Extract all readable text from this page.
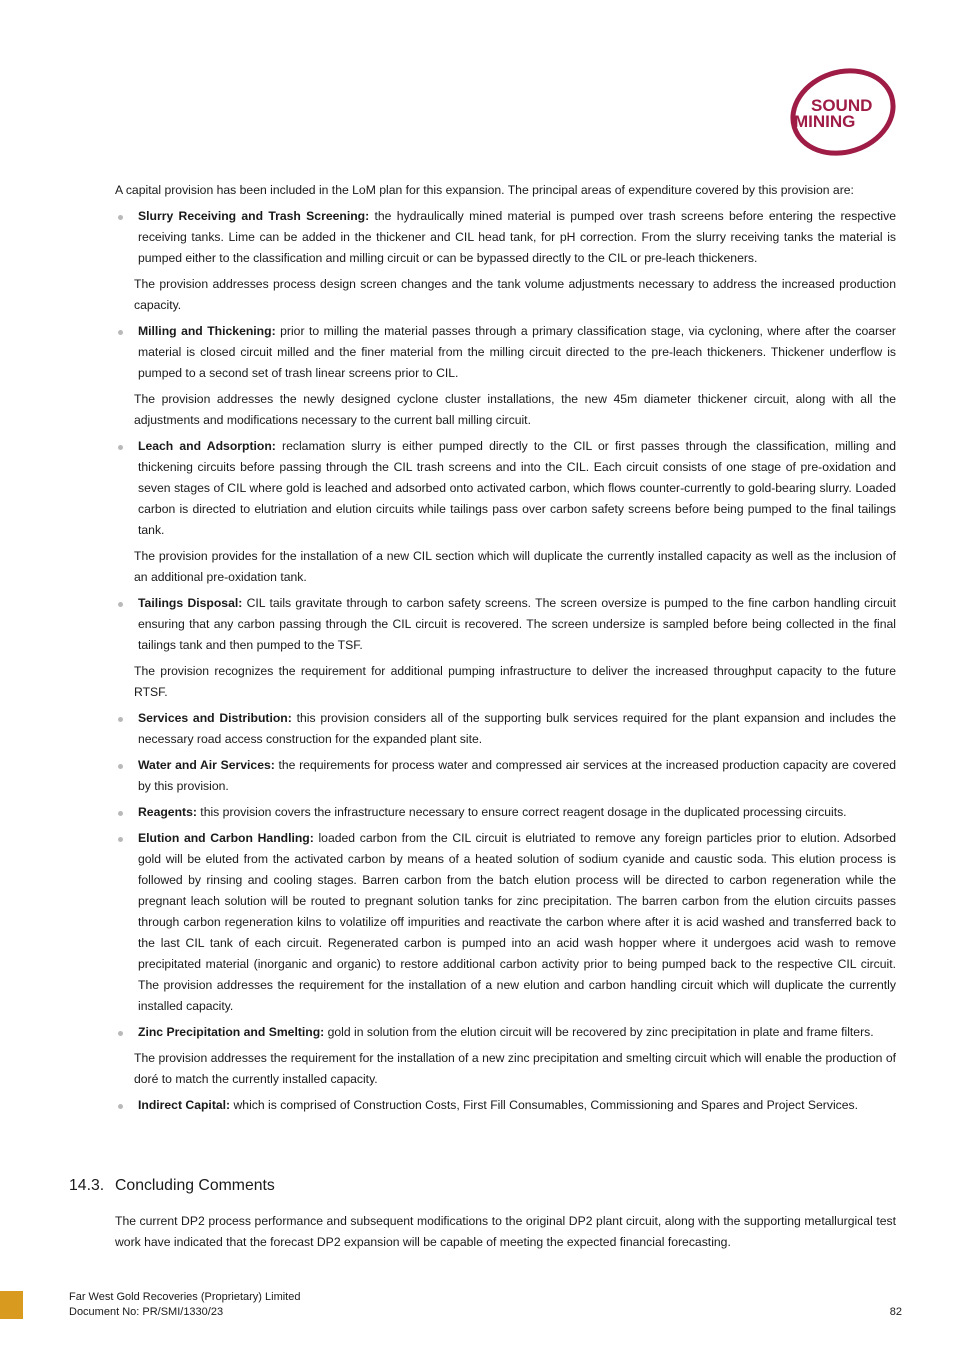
SOUND
MINING

A capital provision has been included in the LoM plan for this expansion. The principal areas of expenditure covered by this provision are:

Slurry Receiving and Trash Screening: the hydraulically mined material is pumped over trash screens before entering the respective receiving tanks. Lime can be added in the thickener and CIL head tank, for pH correction. From the slurry receiving tanks the material is pumped either to the classification and milling circuit or can be bypassed directly to the CIL or pre-leach thickeners.

The provision addresses process design screen changes and the tank volume adjustments necessary to address the increased production capacity.

Milling and Thickening: prior to milling the material passes through a primary classification stage, via cycloning, where after the coarser material is closed circuit milled and the finer material from the milling circuit directed to the pre-leach thickeners. Thickener underflow is pumped to a second set of trash linear screens prior to CIL.

The provision addresses the newly designed cyclone cluster installations, the new 45m diameter thickener circuit, along with all the adjustments and modifications necessary to the current ball milling circuit.

Leach and Adsorption: reclamation slurry is either pumped directly to the CIL or first passes through the classification, milling and thickening circuits before passing through the CIL trash screens and into the CIL. Each circuit consists of one stage of pre-oxidation and seven stages of CIL where gold is leached and adsorbed onto activated carbon, which flows counter-currently to gold-bearing slurry. Loaded carbon is directed to elutriation and elution circuits while tailings pass over carbon safety screens before being pumped to the final tailings tank.

The provision provides for the installation of a new CIL section which will duplicate the currently installed capacity as well as the inclusion of an additional pre-oxidation tank.

Tailings Disposal: CIL tails gravitate through to carbon safety screens. The screen oversize is pumped to the fine carbon handling circuit ensuring that any carbon passing through the CIL circuit is recovered. The screen undersize is sampled before being collected in the final tailings tank and then pumped to the TSF.

The provision recognizes the requirement for additional pumping infrastructure to deliver the increased throughput capacity to the future RTSF.

Services and Distribution: this provision considers all of the supporting bulk services required for the plant expansion and includes the necessary road access construction for the expanded plant site.
Water and Air Services: the requirements for process water and compressed air services at the increased production capacity are covered by this provision.
Reagents: this provision covers the infrastructure necessary to ensure correct reagent dosage in the duplicated processing circuits.
Elution and Carbon Handling: loaded carbon from the CIL circuit is elutriated to remove any foreign particles prior to elution. Adsorbed gold will be eluted from the activated carbon by means of a heated solution of sodium cyanide and caustic soda. This elution process is followed by rinsing and cooling stages. Barren carbon from the batch elution process will be directed to carbon regeneration while the pregnant leach solution will be routed to pregnant solution tanks for zinc precipitation. The barren carbon from the elution circuits passes through carbon regeneration kilns to volatilize off impurities and reactivate the carbon where after it is acid washed and transferred back to the last CIL tank of each circuit. Regenerated carbon is pumped into an acid wash hopper where it undergoes acid wash to remove precipitated material (inorganic and organic) to restore additional carbon activity prior to being pumped back to the respective CIL circuit. The provision addresses the requirement for the installation of a new elution and carbon handling circuit which will duplicate the currently installed capacity.
Zinc Precipitation and Smelting: gold in solution from the elution circuit will be recovered by zinc precipitation in plate and frame filters.

The provision addresses the requirement for the installation of a new zinc precipitation and smelting circuit which will enable the production of doré to match the currently installed capacity.

Indirect Capital: which is comprised of Construction Costs, First Fill Consumables, Commissioning and Spares and Project Services.
14.3. Concluding Comments

The current DP2 process performance and subsequent modifications to the original DP2 plant circuit, along with the supporting metallurgical test work have indicated that the forecast DP2 expansion will be capable of meeting the expected financial forecasting.

Far West Gold Recoveries (Proprietary) Limited
Document No: PR/SMI/1330/23	82
